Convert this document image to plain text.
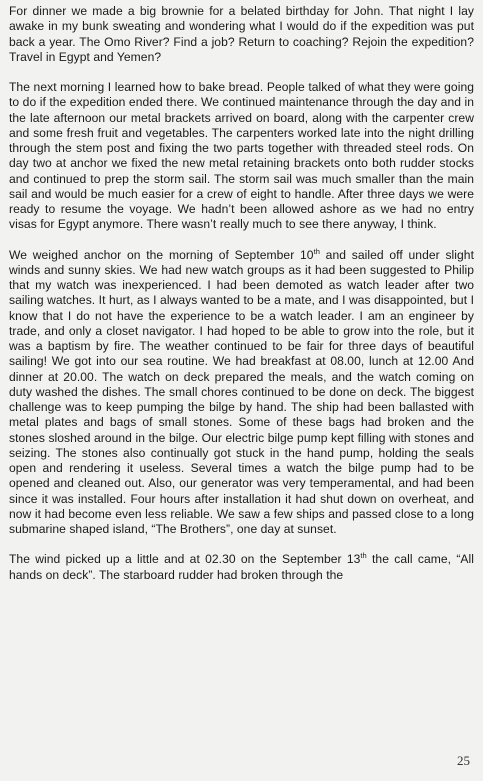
For dinner we made a big brownie for a belated birthday for John. That night I lay awake in my bunk sweating and wondering what I would do if the expedition was put back a year. The Omo River? Find a job? Return to coaching? Rejoin the expedition? Travel in Egypt and Yemen?

The next morning I learned how to bake bread. People talked of what they were going to do if the expedition ended there. We continued maintenance through the day and in the late afternoon our metal brackets arrived on board, along with the carpenter crew and some fresh fruit and vegetables. The carpenters worked late into the night drilling through the stem post and fixing the two parts together with threaded steel rods. On day two at anchor we fixed the new metal retaining brackets onto both rudder stocks and continued to prep the storm sail. The storm sail was much smaller than the main sail and would be much easier for a crew of eight to handle. After three days we were ready to resume the voyage. We hadn’t been allowed ashore as we had no entry visas for Egypt anymore. There wasn’t really much to see there anyway, I think.

We weighed anchor on the morning of September 10th and sailed off under slight winds and sunny skies. We had new watch groups as it had been suggested to Philip that my watch was inexperienced. I had been demoted as watch leader after two sailing watches. It hurt, as I always wanted to be a mate, and I was disappointed, but I know that I do not have the experience to be a watch leader. I am an engineer by trade, and only a closet navigator. I had hoped to be able to grow into the role, but it was a baptism by fire. The weather continued to be fair for three days of beautiful sailing! We got into our sea routine. We had breakfast at 08.00, lunch at 12.00 And dinner at 20.00. The watch on deck prepared the meals, and the watch coming on duty washed the dishes. The small chores continued to be done on deck. The biggest challenge was to keep pumping the bilge by hand. The ship had been ballasted with metal plates and bags of small stones. Some of these bags had broken and the stones sloshed around in the bilge. Our electric bilge pump kept filling with stones and seizing. The stones also continually got stuck in the hand pump, holding the seals open and rendering it useless. Several times a watch the bilge pump had to be opened and cleaned out. Also, our generator was very temperamental, and had been since it was installed. Four hours after installation it had shut down on overheat, and now it had become even less reliable. We saw a few ships and passed close to a long submarine shaped island, “The Brothers”, one day at sunset.

The wind picked up a little and at 02.30 on the September 13th the call came, “All hands on deck”. The starboard rudder had broken through the

25
